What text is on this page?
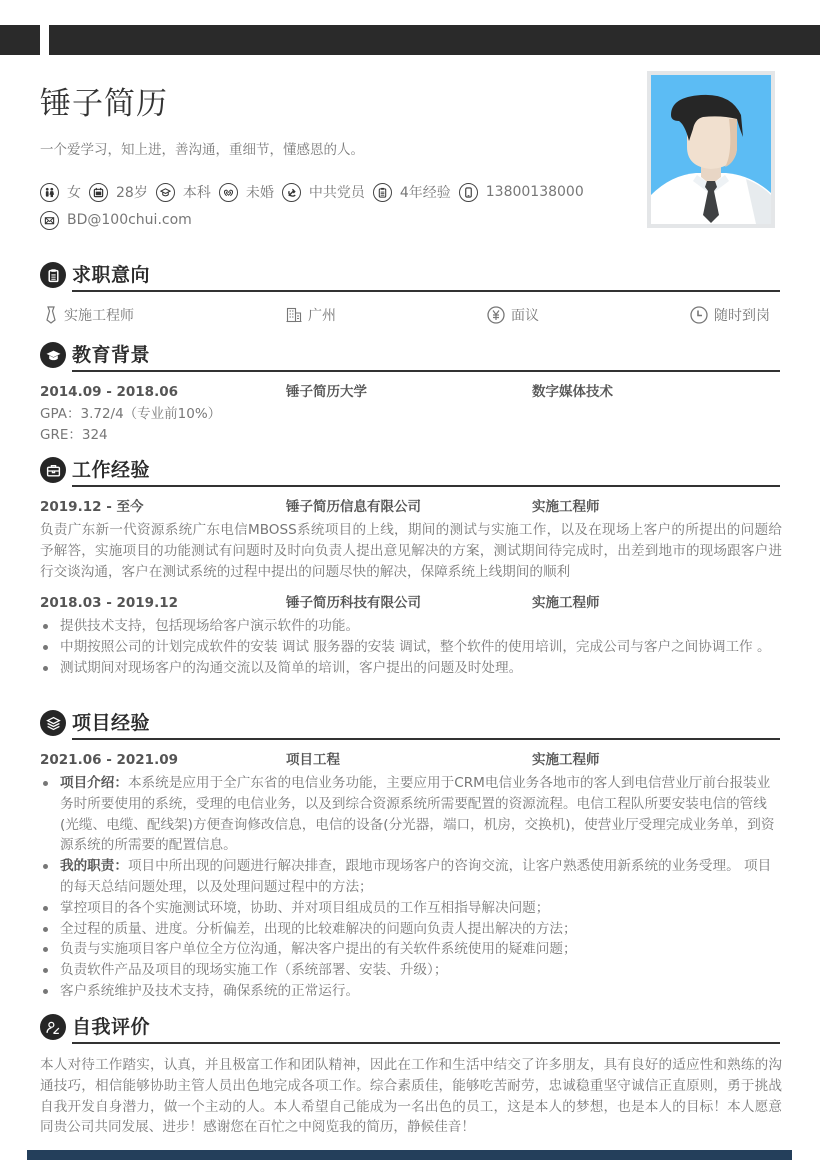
锤子简历
一个爱学习，知上进，善沟通，重细节，懂感恩的人。
女	28岁	本科	未婚	中共党员	4年经验	13800138000
BD@100chui.com
求职意向
实施工程师	广州	面议	随时到岗
教育背景
2014.09 - 2018.06	锤子简历大学	数字媒体技术
GPA：3.72/4（专业前10%）
GRE：324
工作经验
2019.12 - 至今	锤子简历信息有限公司	实施工程师
负责广东新一代资源系统广东电信MBOSS系统项目的上线，期间的测试与实施工作，以及在现场上客户的所提出的问题给予解答，实施项目的功能测试有问题时及时向负责人提出意见解决的方案，测试期间待完成时，出差到地市的现场跟客户进行交谈沟通，客户在测试系统的过程中提出的问题尽快的解决，保障系统上线期间的顺利
2018.03 - 2019.12	锤子简历科技有限公司	实施工程师
提供技术支持，包括现场给客户演示软件的功能。
中期按照公司的计划完成软件的安装 调试 服务器的安装 调试，整个软件的使用培训，完成公司与客户之间协调工作 。
测试期间对现场客户的沟通交流以及简单的培训，客户提出的问题及时处理。
项目经验
2021.06 - 2021.09	项目工程	实施工程师
项目介绍：本系统是应用于全广东省的电信业务功能，主要应用于CRM电信业务各地市的客人到电信营业厅前台报装业务时所要使用的系统，受理的电信业务，以及到综合资源系统所需要配置的资源流程。电信工程队所要安装电信的管线(光缆、电缆、配线架)方便查询修改信息，电信的设备(分光器，端口，机房，交换机)，使营业厅受理完成业务单，到资源系统的所需要的配置信息。
我的职责：项目中所出现的问题进行解决排查，跟地市现场客户的咨询交流，让客户熟悉使用新系统的业务受理。 项目的每天总结问题处理，以及处理问题过程中的方法；
掌控项目的各个实施测试环境，协助、并对项目组成员的工作互相指导解决问题；
全过程的质量、进度。分析偏差，出现的比较难解决的问题向负责人提出解决的方法；
负责与实施项目客户单位全方位沟通，解决客户提出的有关软件系统使用的疑难问题；
负责软件产品及项目的现场实施工作（系统部署、安装、升级）；
客户系统维护及技术支持，确保系统的正常运行。
自我评价
本人对待工作踏实，认真，并且极富工作和团队精神，因此在工作和生活中结交了许多朋友，具有良好的适应性和熟练的沟通技巧，相信能够协助主管人员出色地完成各项工作。综合素质佳，能够吃苦耐劳，忠诚稳重坚守诚信正直原则，勇于挑战自我开发自身潜力，做一个主动的人。本人希望自己能成为一名出色的员工，这是本人的梦想，也是本人的目标！本人愿意同贵公司共同发展、进步！感谢您在百忙之中阅览我的简历，静候佳音！
